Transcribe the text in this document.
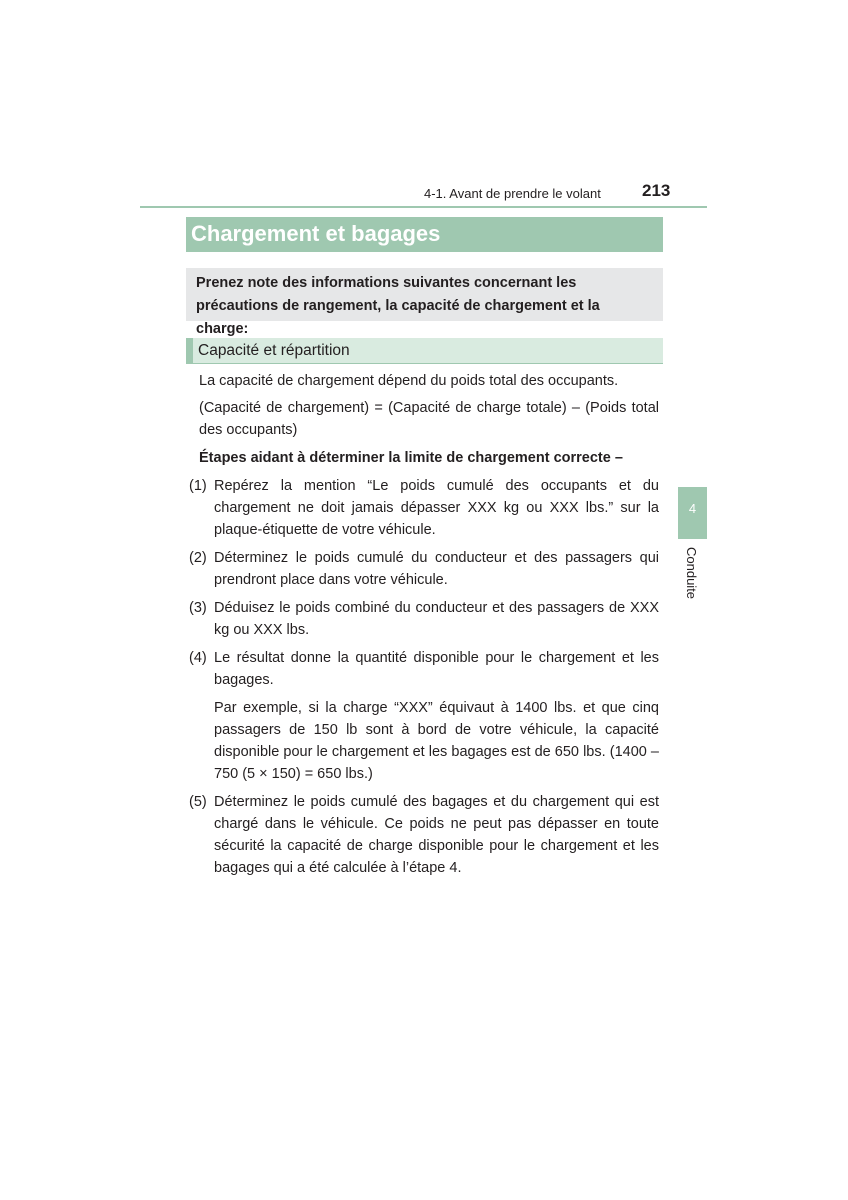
4-1. Avant de prendre le volant 213
Chargement et bagages
Prenez note des informations suivantes concernant les précautions de rangement, la capacité de chargement et la charge:
Capacité et répartition

La capacité de chargement dépend du poids total des occupants.

(Capacité de chargement) = (Capacité de charge totale) – (Poids total des occupants)

Étapes aidant à déterminer la limite de chargement correcte –

(1) Repérez la mention “Le poids cumulé des occupants et du chargement ne doit jamais dépasser XXX kg ou XXX lbs.” sur la plaque-étiquette de votre véhicule.
(2) Déterminez le poids cumulé du conducteur et des passagers qui prendront place dans votre véhicule.
(3) Déduisez le poids combiné du conducteur et des passagers de XXX kg ou XXX lbs.
(4) Le résultat donne la quantité disponible pour le chargement et les bagages.
Par exemple, si la charge “XXX” équivaut à 1400 lbs. et que cinq passagers de 150 lb sont à bord de votre véhicule, la capacité disponible pour le chargement et les bagages est de 650 lbs. (1400 – 750 (5 × 150) = 650 lbs.)
(5) Déterminez le poids cumulé des bagages et du chargement qui est chargé dans le véhicule. Ce poids ne peut pas dépasser en toute sécurité la capacité de charge disponible pour le chargement et les bagages qui a été calculée à l’étape 4.
4
Conduite
